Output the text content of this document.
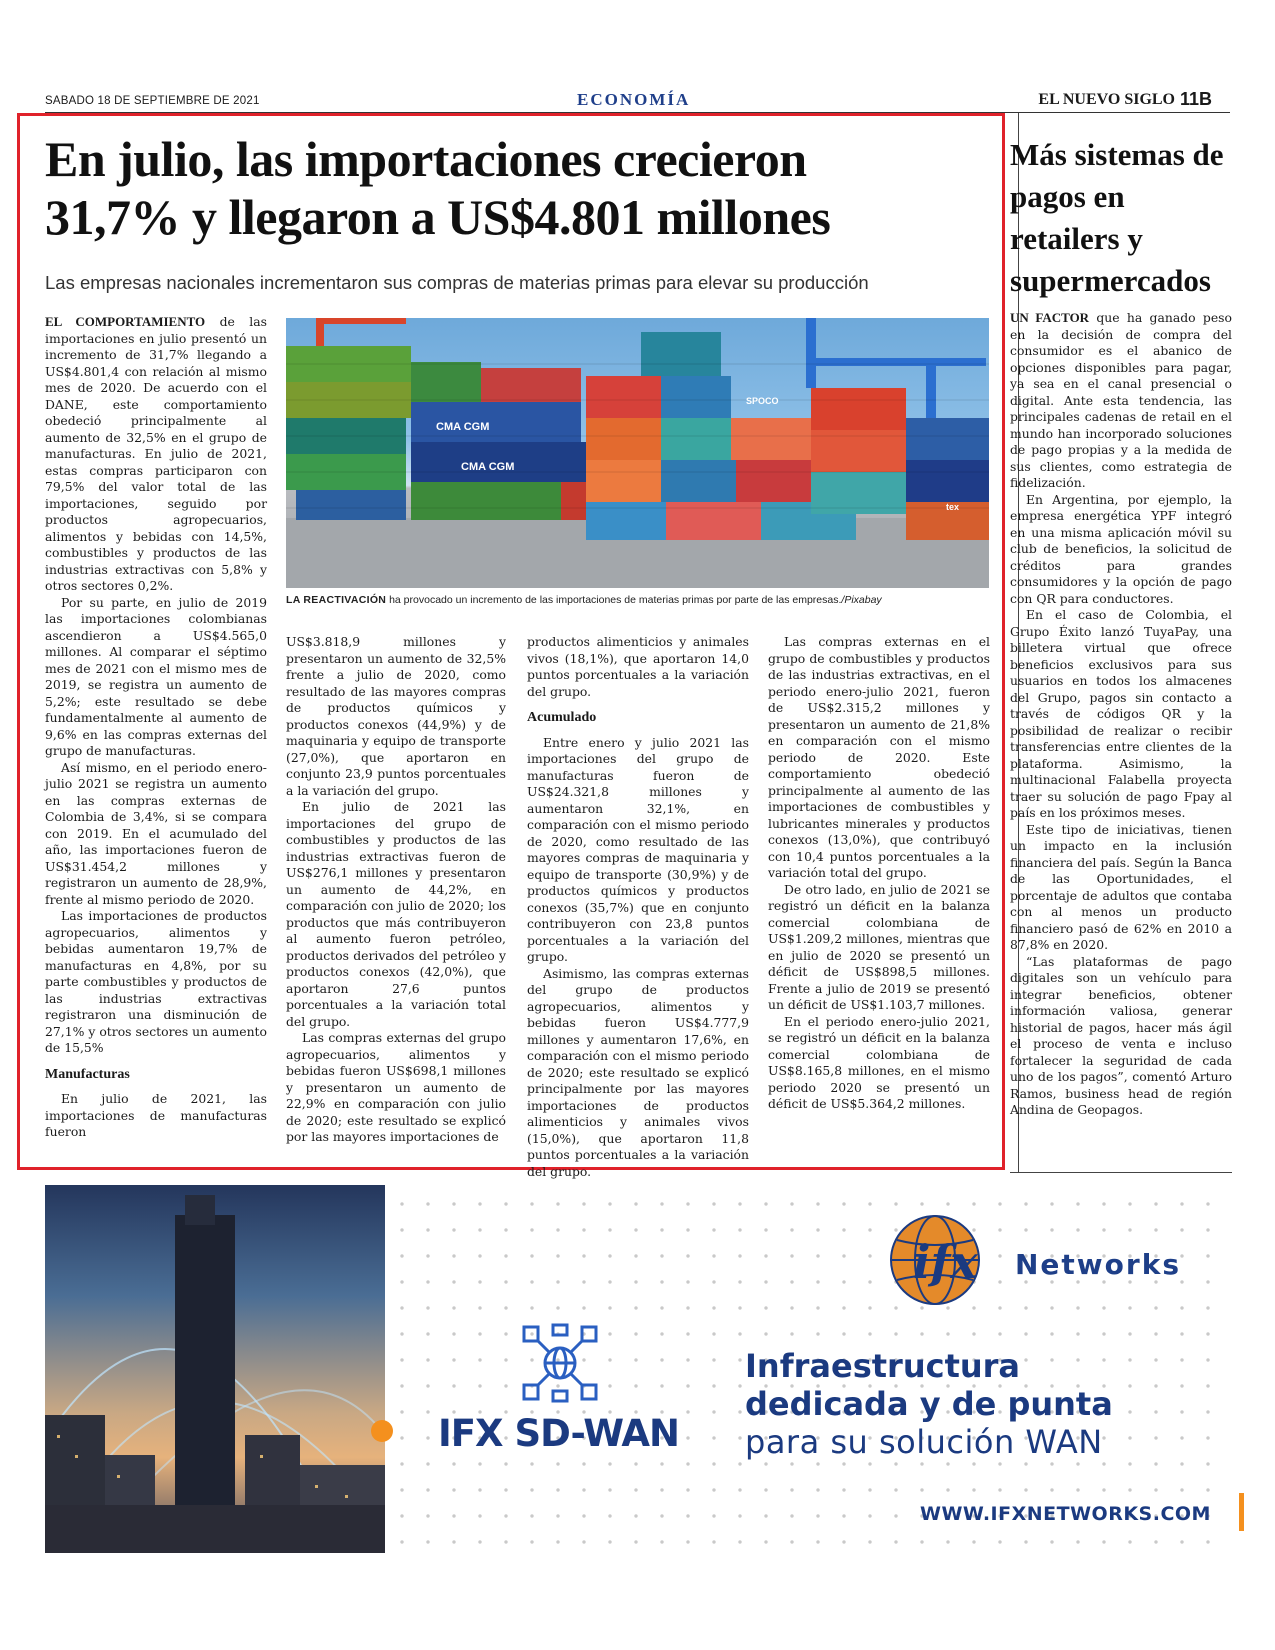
SABADO 18 DE SEPTIEMBRE DE 2021	ECONOMÍA	EL NUEVO SIGLO 11B
En julio, las importaciones crecieron
31,7% y llegaron a US$4.801 millones
Las empresas nacionales incrementaron sus compras de materias primas para elevar su producción

EL COMPORTAMIENTO de las importaciones en julio presentó un incremento de 31,7% llegando a US$4.801,4 con relación al mismo mes de 2020. De acuerdo con el DANE, este comportamiento obedeció principalmente al aumento de 32,5% en el grupo de manufacturas. En julio de 2021, estas compras participaron con 79,5% del valor total de las importaciones, seguido por productos agropecuarios, alimentos y bebidas con 14,5%, combustibles y productos de las industrias extractivas con 5,8% y otros sectores 0,2%.

Por su parte, en julio de 2019 las importaciones colombianas ascendieron a US$4.565,0 millones. Al comparar el séptimo mes de 2021 con el mismo mes de 2019, se registra un aumento de 5,2%; este resultado se debe fundamentalmente al aumento de 9,6% en las compras externas del grupo de manufacturas.

Así mismo, en el periodo enero-julio 2021 se registra un aumento en las compras externas de Colombia de 3,4%, si se compara con 2019. En el acumulado del año, las importaciones fueron de US$31.454,2 millones y registraron un aumento de 28,9%, frente al mismo periodo de 2020.

Las importaciones de productos agropecuarios, alimentos y bebidas aumentaron 19,7% de manufacturas en 4,8%, por su parte combustibles y productos de las industrias extractivas registraron una disminución de 27,1% y otros sectores un aumento de 15,5%

Manufacturas

En julio de 2021, las importaciones de manufacturas fueron

CMA CGM
CMA CGM
SPOCO
tex
LA REACTIVACIÓN ha provocado un incremento de las importaciones de materias primas por parte de las empresas./Pixabay

US$3.818,9 millones y presentaron un aumento de 32,5% frente a julio de 2020, como resultado de las mayores compras de productos químicos y productos conexos (44,9%) y de maquinaria y equipo de transporte (27,0%), que aportaron en conjunto 23,9 puntos porcentuales a la variación del grupo.

En julio de 2021 las importaciones del grupo de combustibles y productos de las industrias extractivas fueron de US$276,1 millones y presentaron un aumento de 44,2%, en comparación con julio de 2020; los productos que más contribuyeron al aumento fueron petróleo, productos derivados del petróleo y productos conexos (42,0%), que aportaron 27,6 puntos porcentuales a la variación total del grupo.

Las compras externas del grupo agropecuarios, alimentos y bebidas fueron US$698,1 millones y presentaron un aumento de 22,9% en comparación con julio de 2020; este resultado se explicó por las mayores importaciones de

productos alimenticios y animales vivos (18,1%), que aportaron 14,0 puntos porcentuales a la variación del grupo.

Acumulado

Entre enero y julio 2021 las importaciones del grupo de manufacturas fueron de US$24.321,8 millones y aumentaron 32,1%, en comparación con el mismo periodo de 2020, como resultado de las mayores compras de maquinaria y equipo de transporte (30,9%) y de productos químicos y productos conexos (35,7%) que en conjunto contribuyeron con 23,8 puntos porcentuales a la variación del grupo.

Asimismo, las compras externas del grupo de productos agropecuarios, alimentos y bebidas fueron US$4.777,9 millones y aumentaron 17,6%, en comparación con el mismo periodo de 2020; este resultado se explicó principalmente por las mayores importaciones de productos alimenticios y animales vivos (15,0%), que aportaron 11,8 puntos porcentuales a la variación del grupo.

Las compras externas en el grupo de combustibles y productos de las industrias extractivas, en el periodo enero-julio 2021, fueron de US$2.315,2 millones y presentaron un aumento de 21,8% en comparación con el mismo periodo de 2020. Este comportamiento obedeció principalmente al aumento de las importaciones de combustibles y lubricantes minerales y productos conexos (13,0%), que contribuyó con 10,4 puntos porcentuales a la variación total del grupo.

De otro lado, en julio de 2021 se registró un déficit en la balanza comercial colombiana de US$1.209,2 millones, mientras que en julio de 2020 se presentó un déficit de US$898,5 millones. Frente a julio de 2019 se presentó un déficit de US$1.103,7 millones.

En el periodo enero-julio 2021, se registró un déficit en la balanza comercial colombiana de US$8.165,8 millones, en el mismo periodo 2020 se presentó un déficit de US$5.364,2 millones.

Más sistemas de pagos en retailers y supermercados

UN FACTOR que ha ganado peso en la decisión de compra del consumidor es el abanico de opciones disponibles para pagar, ya sea en el canal presencial o digital. Ante esta tendencia, las principales cadenas de retail en el mundo han incorporado soluciones de pago propias y a la medida de sus clientes, como estrategia de fidelización.

En Argentina, por ejemplo, la empresa energética YPF integró en una misma aplicación móvil su club de beneficios, la solicitud de créditos para grandes consumidores y la opción de pago con QR para conductores.

En el caso de Colombia, el Grupo Éxito lanzó TuyaPay, una billetera virtual que ofrece beneficios exclusivos para sus usuarios en todos los almacenes del Grupo, pagos sin contacto a través de códigos QR y la posibilidad de realizar o recibir transferencias entre clientes de la plataforma. Asimismo, la multinacional Falabella proyecta traer su solución de pago Fpay al país en los próximos meses.

Este tipo de iniciativas, tienen un impacto en la inclusión financiera del país. Según la Banca de las Oportunidades, el porcentaje de adultos que contaba con al menos un producto financiero pasó de 62% en 2010 a 87,8% en 2020.

“Las plataformas de pago digitales son un vehículo para integrar beneficios, obtener información valiosa, generar historial de pagos, hacer más ágil el proceso de venta e incluso fortalecer la seguridad de cada uno de los pagos”, comentó Arturo Ramos, business head de región Andina de Geopagos.

ifx Networks
IFX SD-WAN
Infraestructura
dedicada y de punta
para su solución WAN
WWW.IFXNETWORKS.COM
